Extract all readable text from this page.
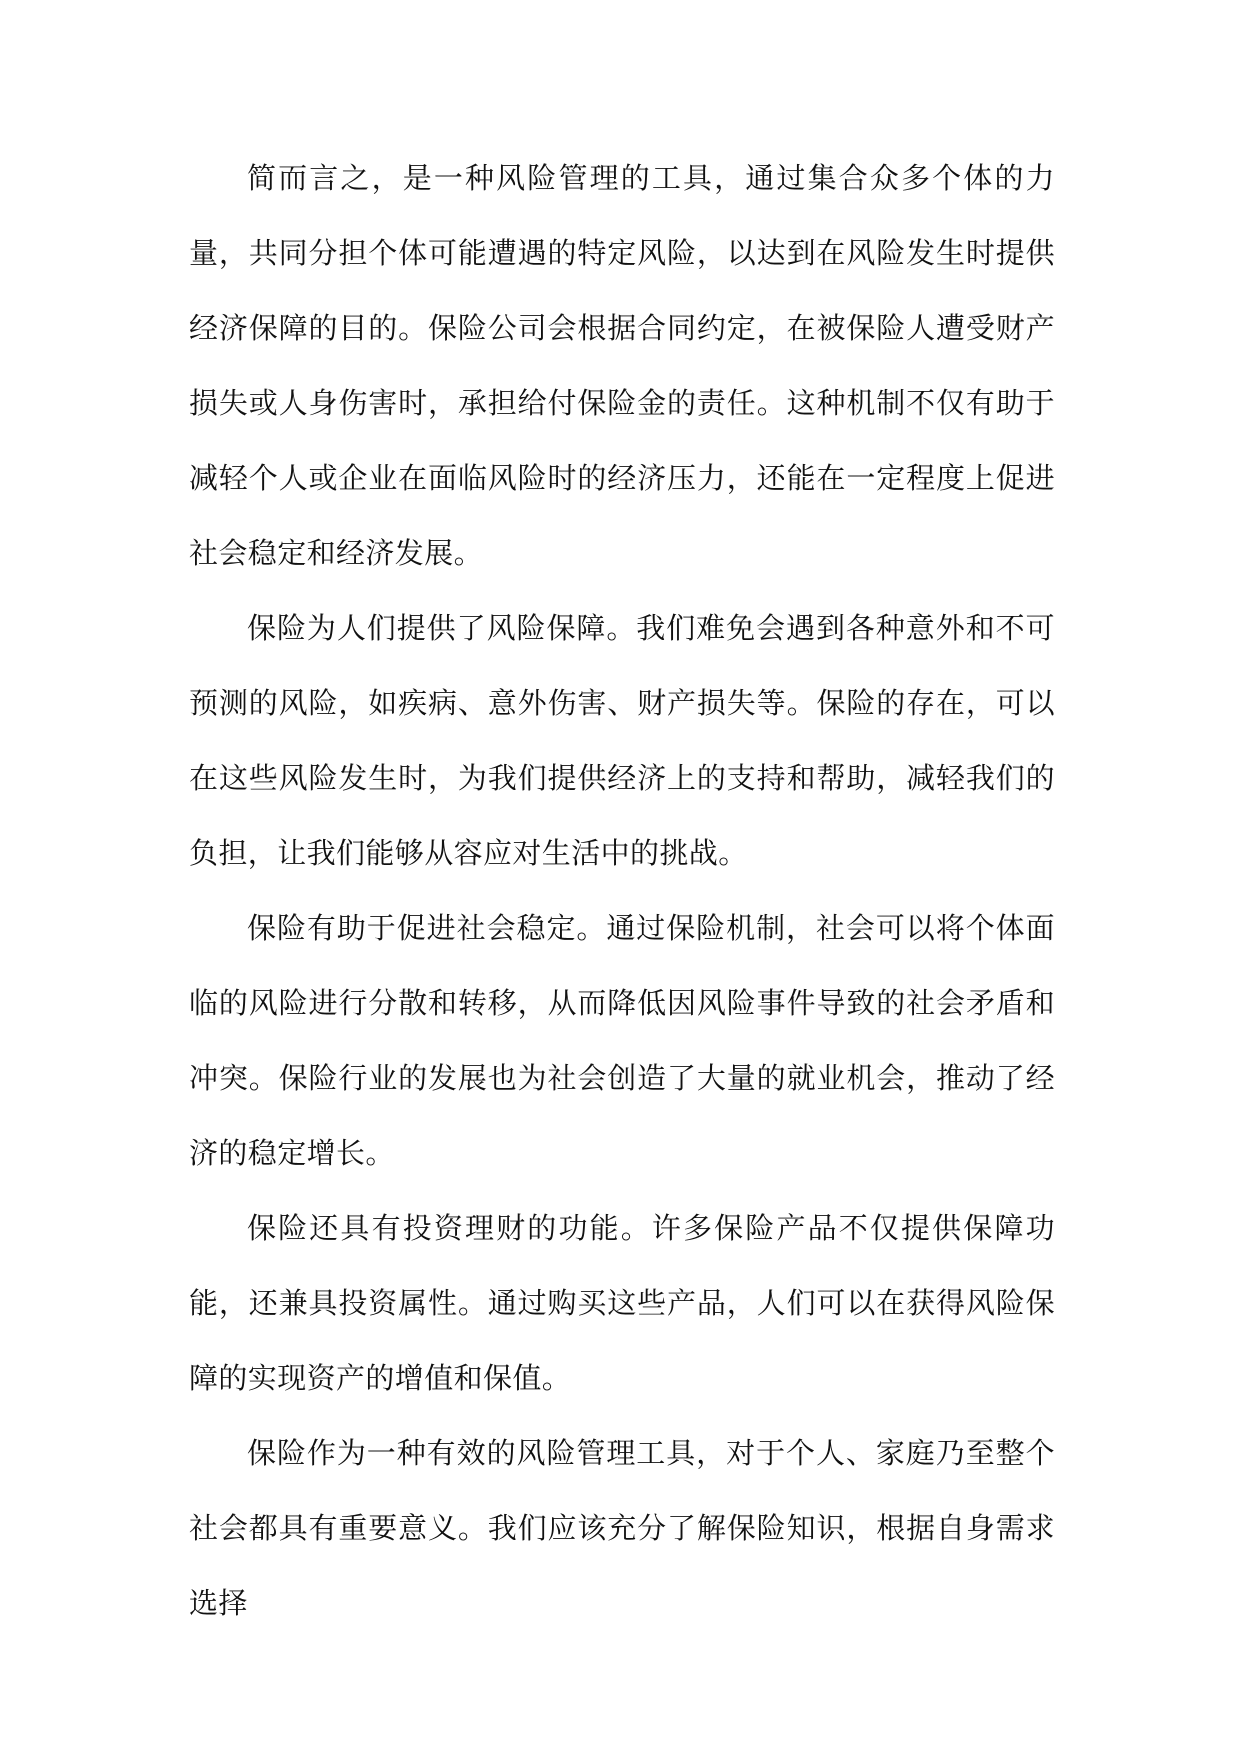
简而言之，是一种风险管理的工具，通过集合众多个体的力量，共同分担个体可能遭遇的特定风险，以达到在风险发生时提供经济保障的目的。保险公司会根据合同约定，在被保险人遭受财产损失或人身伤害时，承担给付保险金的责任。这种机制不仅有助于减轻个人或企业在面临风险时的经济压力，还能在一定程度上促进社会稳定和经济发展。

保险为人们提供了风险保障。我们难免会遇到各种意外和不可预测的风险，如疾病、意外伤害、财产损失等。保险的存在，可以在这些风险发生时，为我们提供经济上的支持和帮助，减轻我们的负担，让我们能够从容应对生活中的挑战。

保险有助于促进社会稳定。通过保险机制，社会可以将个体面临的风险进行分散和转移，从而降低因风险事件导致的社会矛盾和冲突。保险行业的发展也为社会创造了大量的就业机会，推动了经济的稳定增长。

保险还具有投资理财的功能。许多保险产品不仅提供保障功能，还兼具投资属性。通过购买这些产品，人们可以在获得风险保障的实现资产的增值和保值。

保险作为一种有效的风险管理工具，对于个人、家庭乃至整个社会都具有重要意义。我们应该充分了解保险知识，根据自身需求选择
